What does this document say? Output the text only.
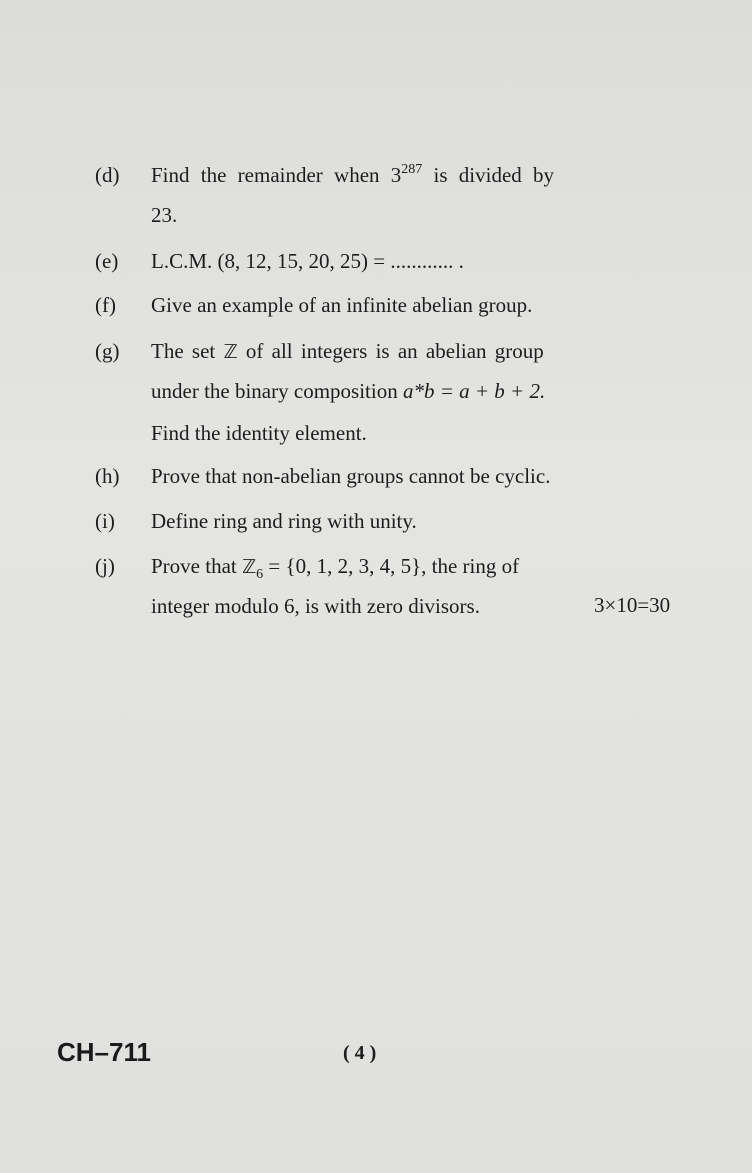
(d)	Find the remainder when $3^{287}$ is divided by
23.
(e)	L.C.M. (8, 12, 15, 20, 25) = ............ .
(f)	Give an example of an infinite abelian group.
(g)	The set ℤ of all integers is an abelian group
under the binary composition a*b = a + b + 2.
Find the identity element.
(h)	Prove that non-abelian groups cannot be cyclic.
(i)	Define ring and ring with unity.
(j)	Prove that ℤ$_6$ = {0, 1, 2, 3, 4, 5}, the ring of
integer modulo 6, is with zero divisors.	3×10=30
CH–711	( 4 )
